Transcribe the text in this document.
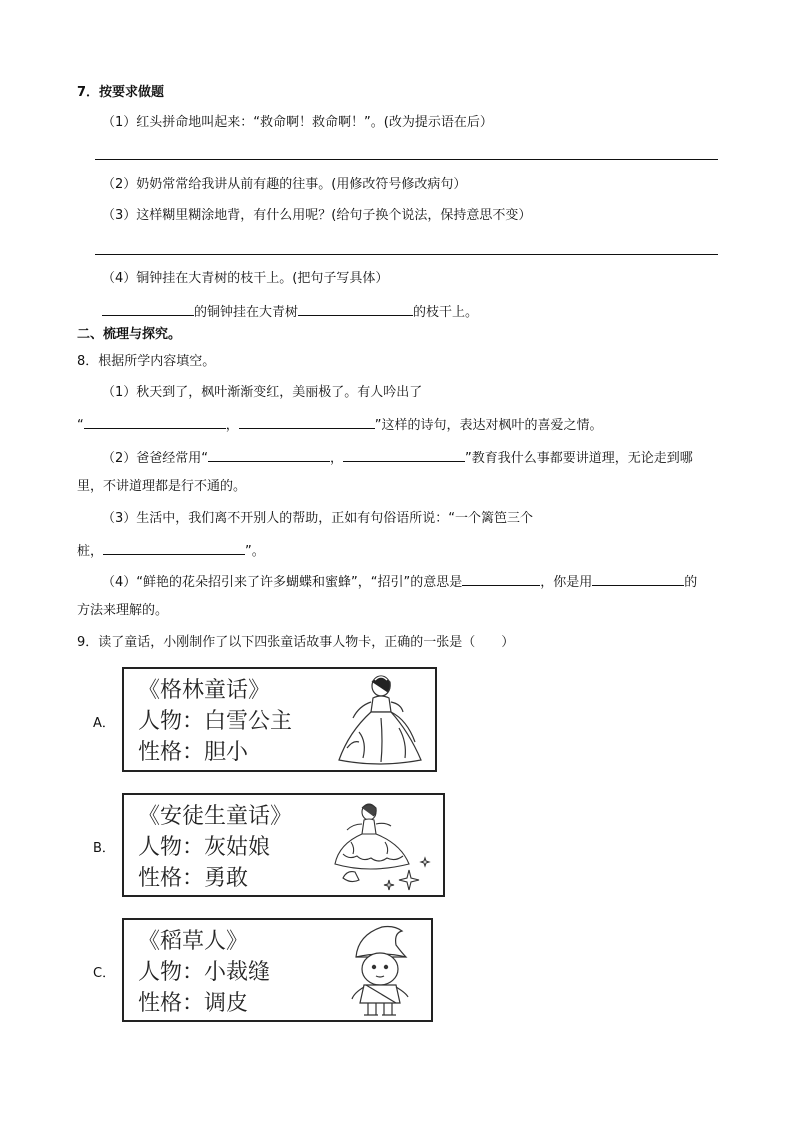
7．按要求做题
（1）红头拼命地叫起来：“救命啊！救命啊！”。(改为提示语在后）
（2）奶奶常常给我讲从前有趣的往事。(用修改符号修改病句）
（3）这样糊里糊涂地背，有什么用呢？(给句子换个说法，保持意思不变）
（4）铜钟挂在大青树的枝干上。(把句子写具体）
的铜钟挂在大青树	的枝干上。
二、梳理与探究。
8．根据所学内容填空。
（1）秋天到了，枫叶渐渐变红，美丽极了。有人吟出了
“	，	”这样的诗句，表达对枫叶的喜爱之情。
（2）爸爸经常用“	，	”教育我什么事都要讲道理，无论走到哪
里，不讲道理都是行不通的。
（3）生活中，我们离不开别人的帮助，正如有句俗语所说：“一个篱笆三个
桩，	”。
（4）“鲜艳的花朵招引来了许多蝴蝶和蜜蜂”，“招引”的意思是	，你是用	的
方法来理解的。
9．读了童话，小刚制作了以下四张童话故事人物卡，正确的一张是（　　）
A．
《格林童话》
人物：白雪公主
性格：胆小
B．
《安徒生童话》
人物：灰姑娘
性格：勇敢
C．
《稻草人》
人物：小裁缝
性格：调皮
